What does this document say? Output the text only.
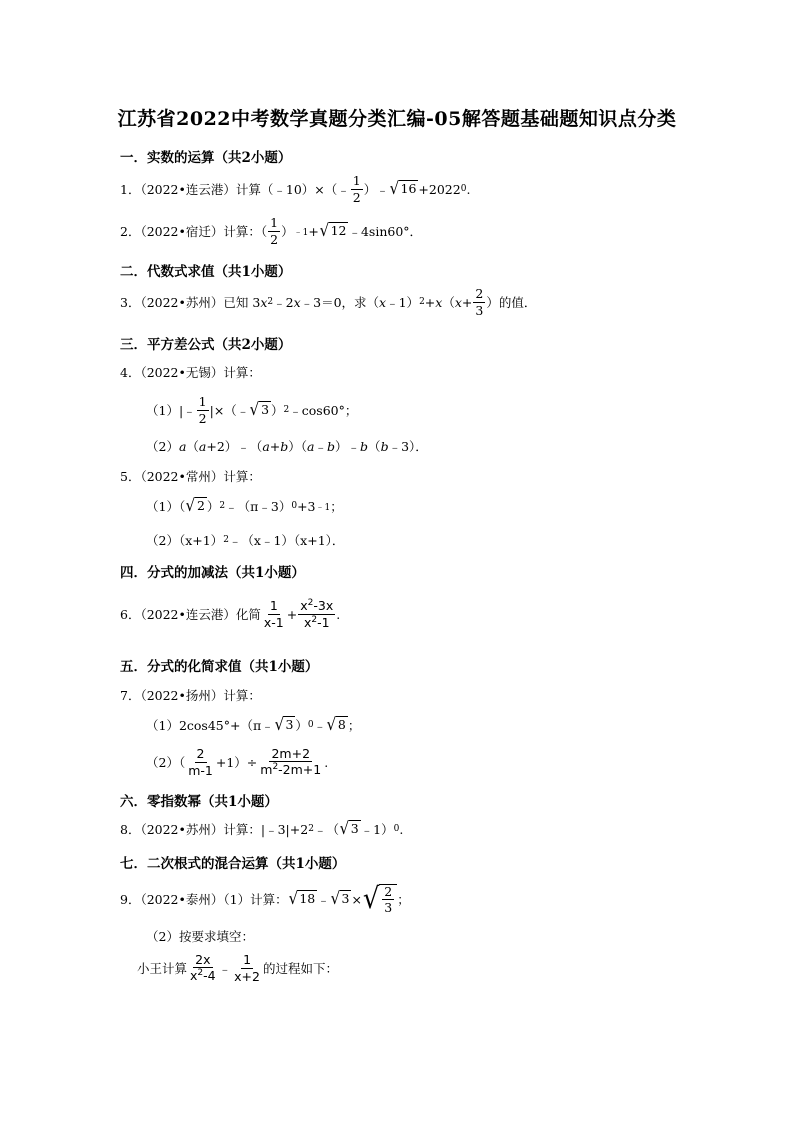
江苏省2022中考数学真题分类汇编-05解答题基础题知识点分类
一．实数的运算（共2小题）
1．（2022•连云港）计算（﹣10）×（﹣ $\frac{1}{2}$ ）﹣ √ 16 +2022 0 .
2．（2022•宿迁）计算：（ $\frac{1}{2}$ ） ﹣1 + √ 12 ﹣4sin60°．
二．代数式求值（共1小题）
3．（2022•苏州）已知 3 x 2 ﹣2 x ﹣3＝0，求（ x ﹣1） 2 + x （ $x + \frac{2}{3}$ ）的值．
三．平方差公式（共2小题）
4．（2022•无锡）计算：
（1）|﹣ $\frac{1}{2}$ |×（﹣ √ 3 ） 2 ﹣cos60°；
（2） a （ a +2）﹣（ a + b ）（ a ﹣ b ）﹣ b （ b ﹣3）．
5．（2022•常州）计算：
（1）（ √ 2 ） 2 ﹣（π﹣3） 0 +3 ﹣1 ；
（2）（x+1） 2 ﹣（x﹣1）（x+1）．
四．分式的加减法（共1小题）
6．（2022•连云港）化简 $\frac{1}{x-1} + \frac{x^2-3x}{x^2-1}$ .
五．分式的化简求值（共1小题）
7．（2022•扬州）计算：
（1）2cos45°+（π﹣ √ 3 ） 0 ﹣ √ 8 ；
$(2)( \frac{2}{m-1} +1)\div \frac{2m+2}{m^2-2m+1}$ .
六．零指数幂（共1小题）
8．（2022•苏州）计算：|﹣3|+2 2 ﹣（ √ 3 ﹣1） 0 .
七．二次根式的混合运算（共1小题）
9．（2022•泰州）（1）计算： √ 18 ﹣ √ 3 × √ $\frac{2}{3}$ ；
（2）按要求填空：
小王计算 $\frac{2x}{x^2-4}$ ﹣ $\frac{1}{x+2}$ 的过程如下：
